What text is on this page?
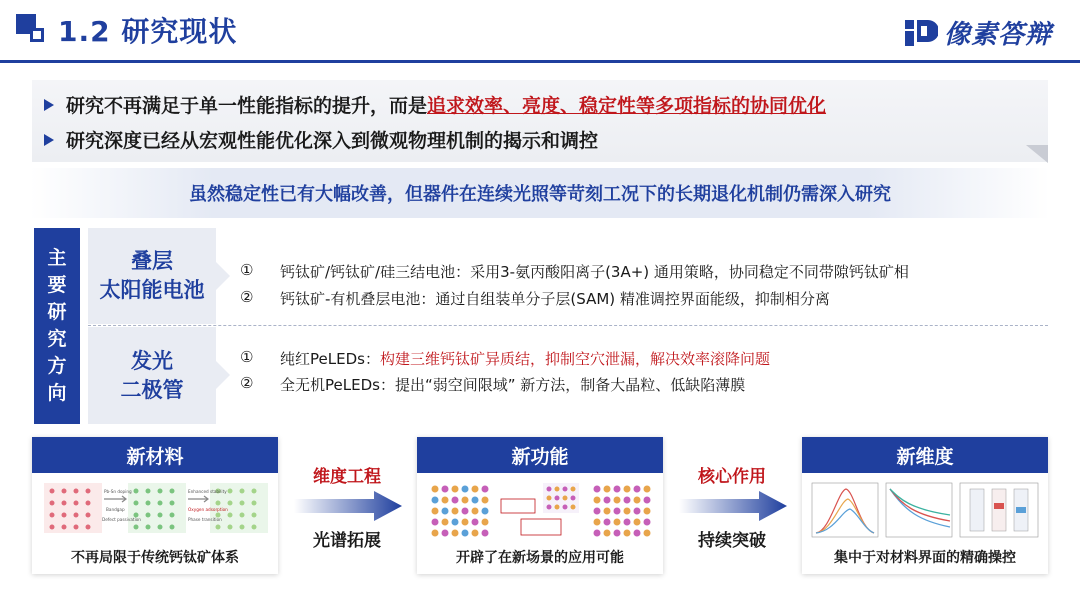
1.2 研究现状	像素答辩
研究不再满足于单一性能指标的提升，而是 追求效率、亮度、稳定性等多项指标的协同优化
研究深度已经从宏观性能优化深入到微观物理机制的揭示和调控
虽然稳定性已有大幅改善，但器件在连续光照等苛刻工况下的长期退化机制仍需深入研究
主
要
研
究
方
向
叠层
太阳能电池
发光
二极管
①	钙钛矿/钙钛矿/硅三结电池：采用3-氨丙酸阳离子(3A+) 通用策略，协同稳定不同带隙钙钛矿相
②	钙钛矿-有机叠层电池：通过自组装单分子层(SAM) 精准调控界面能级，抑制相分离
①	纯红PeLEDs： 构建三维钙钛矿异质结，抑制空穴泄漏，解决效率滚降问题
②	全无机PeLEDs：提出“弱空间限域” 新方法，制备大晶粒、低缺陷薄膜
新材料
Pb-Sn doping
Bandgap
Defect passivation
Enhanced stability
Oxygen adsorption
Phase transition
不再局限于传统钙钛矿体系
新功能
开辟了在新场景的应用可能
新维度
集中于对材料界面的精确操控
维度工程
光谱拓展
核心作用
持续突破
